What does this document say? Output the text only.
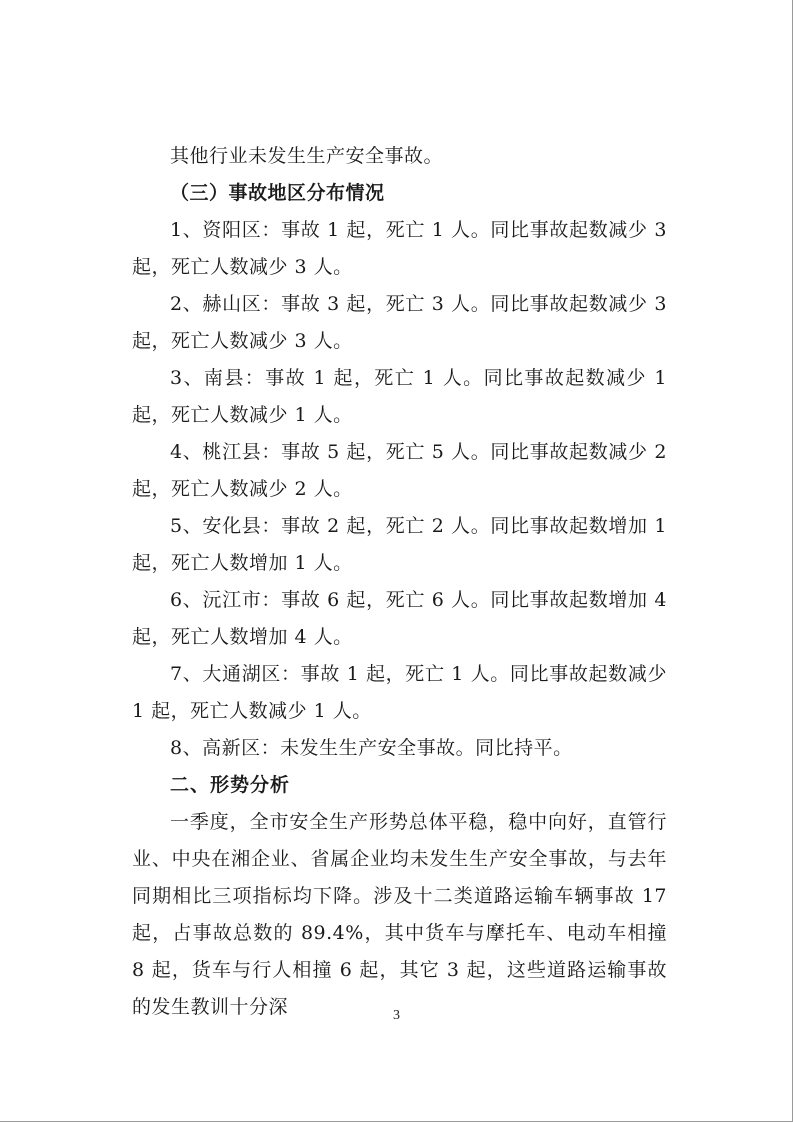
其他行业未发生生产安全事故。

（三）事故地区分布情况

1、资阳区：事故 1 起，死亡 1 人。同比事故起数减少 3 起，死亡人数减少 3 人。

2、赫山区：事故 3 起，死亡 3 人。同比事故起数减少 3 起，死亡人数减少 3 人。

3、南县：事故 1 起，死亡 1 人。同比事故起数减少 1 起，死亡人数减少 1 人。

4、桃江县：事故 5 起，死亡 5 人。同比事故起数减少 2 起，死亡人数减少 2 人。

5、安化县：事故 2 起，死亡 2 人。同比事故起数增加 1 起，死亡人数增加 1 人。

6、沅江市：事故 6 起，死亡 6 人。同比事故起数增加 4 起，死亡人数增加 4 人。

7、大通湖区：事故 1 起，死亡 1 人。同比事故起数减少 1 起，死亡人数减少 1 人。

8、高新区：未发生生产安全事故。同比持平。

二、形势分析

一季度，全市安全生产形势总体平稳，稳中向好，直管行业、中央在湘企业、省属企业均未发生生产安全事故，与去年同期相比三项指标均下降。涉及十二类道路运输车辆事故 17 起，占事故总数的 89.4%，其中货车与摩托车、电动车相撞 8 起，货车与行人相撞 6 起，其它 3 起，这些道路运输事故的发生教训十分深	3
